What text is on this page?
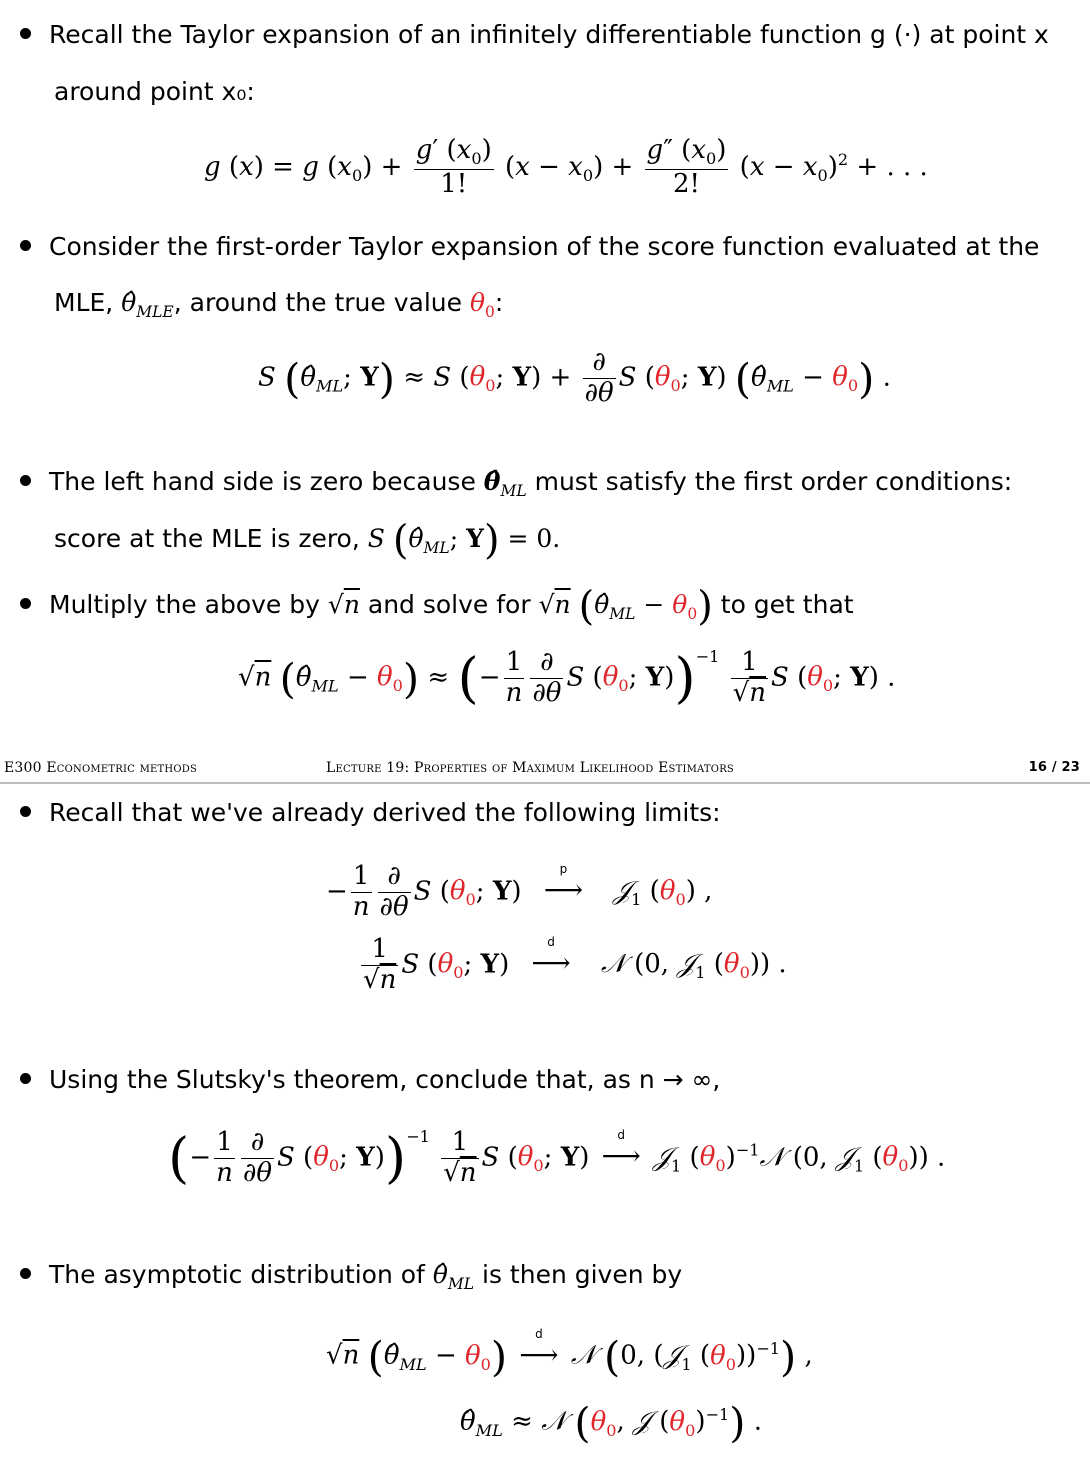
Recall the Taylor expansion of an infinitely differentiable function g (·) at point x
around point x₀:
g (x) = g $(x_0) + \frac{g' (x_0)}{1!} (x - x_0) + \frac{g'' (x_0)}{2!} (x - x_0)^2$ + . . .
Consider the first-order Taylor expansion of the score function evaluated at the
MLE, $\thetâ_{MLE}$, around the true value $\theta_0$:
S ($\thetâ_{ML}$; Y) ≈ S ($\theta_0$; $Y) + \frac{\partial}{\partial\theta}$ S ($\theta_0$; Y) $(\thetâ_{ML} - \theta_0)$ .
The left hand side is zero because $\thetâ_{ML}$ must satisfy the first order conditions:
score at the MLE is zero, S ($\thetâ_{ML}$; Y) = 0.
Multiply the above by √n and solve for √n $(\thetâ_{ML} - \theta_0)$ to get that
√n $(\thetâ_{ML} - \theta_0)$ ≈ (− $\frac{1}{n} \frac{\partial}{\partial\theta}$ S ($\theta_0$; $Y))^{-1} \frac{1}{√n}$ S ($\theta_0$; Y) .
E300 Econometric methods	Lecture 19: Properties of Maximum Likelihood Estimators	16 / 23
Recall that we've already derived the following limits:
− $\frac{1}{n} \frac{\partial}{\partial\theta}$ S ($\theta_0$; Y) ⟶
p
𝒥$_1$ $(\theta_0)$ ,
$\frac{1}{√n}$ S ($\theta_0$; Y) ⟶
d
𝒩 (0, 𝒥$_1$ $(\theta_0)$) .
Using the Slutsky's theorem, conclude that, as n → ∞,
(− $\frac{1}{n} \frac{\partial}{\partial\theta}$ S ($\theta_0$; $Y))^{-1} \frac{1}{√n}$ S ($\theta_0$; Y) ⟶
d
𝒥$_1$ $(\theta_0)^{-1}𝒩$ (0, 𝒥$_1$ $(\theta_0)$) .
The asymptotic distribution of $\thetâ_{ML}$ is then given by
√n $(\thetâ_{ML} - \theta_0)$ ⟶
d
𝒩 (0, (𝒥$_1$ $(\theta_0))^{-1}$) ,
$\thetâ_{ML}$ ≈ 𝒩 ($\theta_0$, 𝒥 $(\theta_0)^{-1}$) .
